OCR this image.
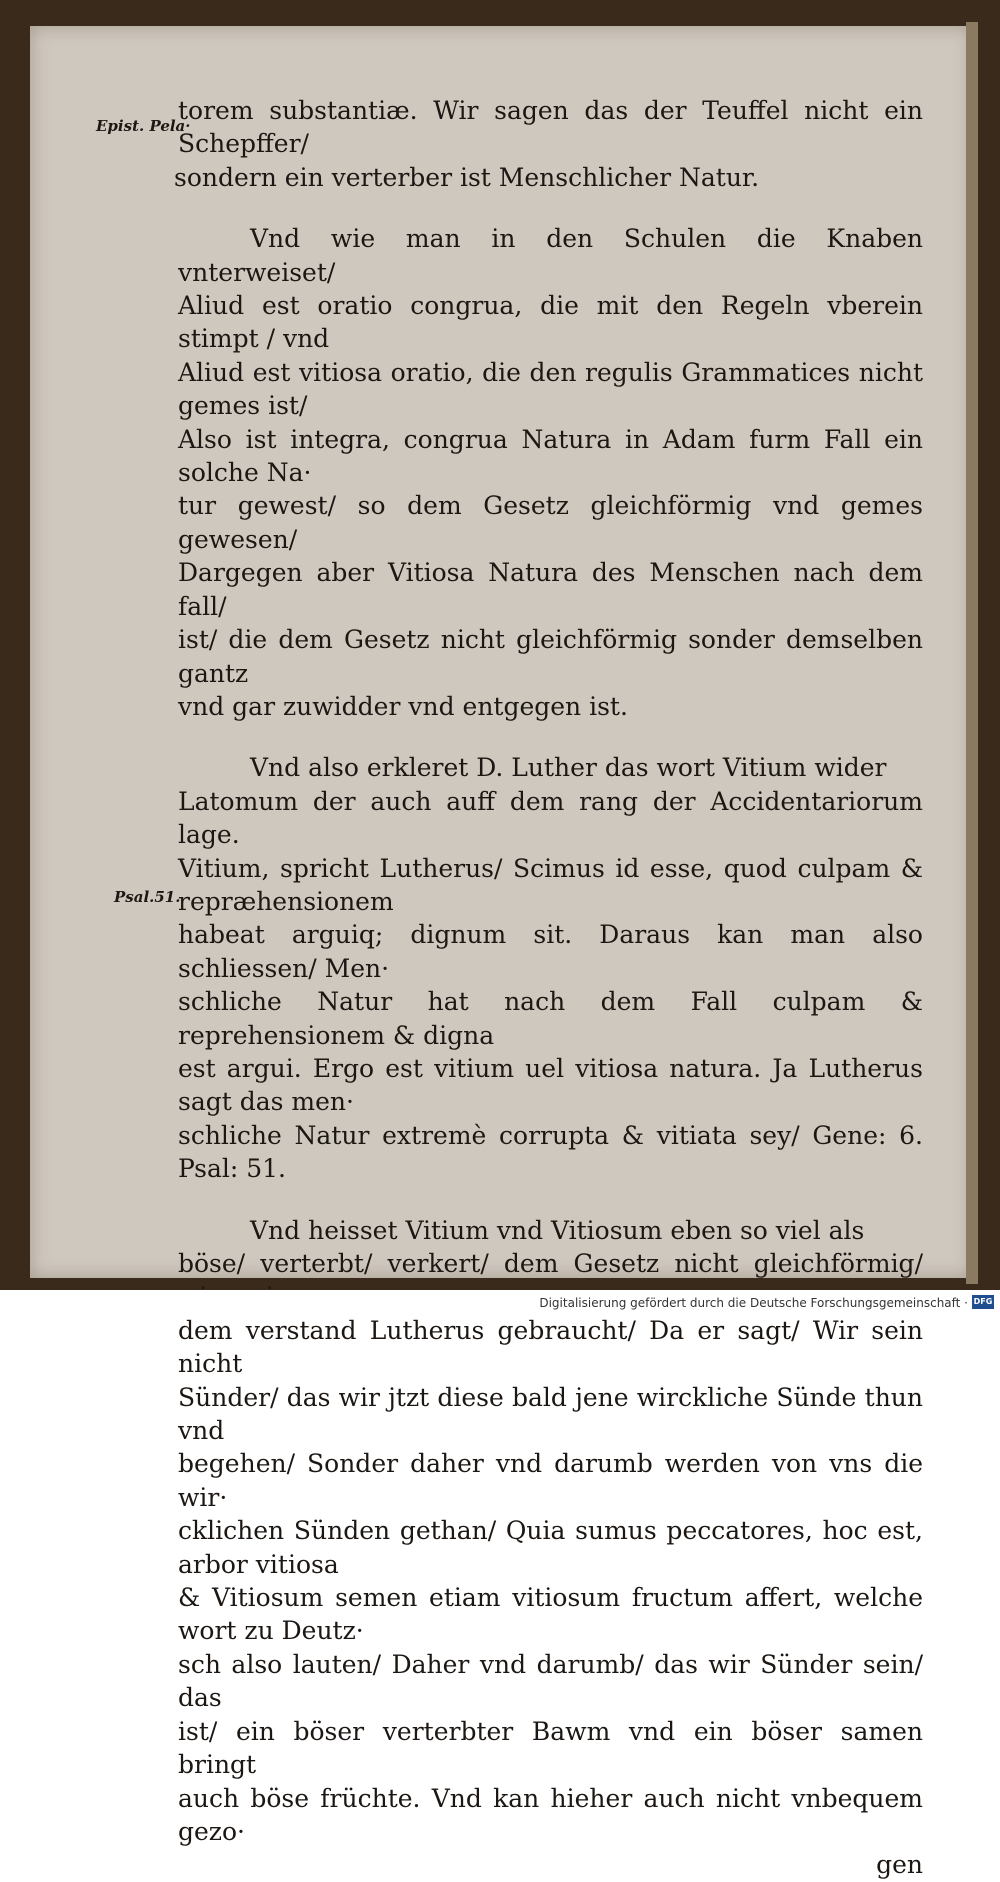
Epist. Pela·
Psal.51.

torem substantiæ. Wir sagen das der Teuffel nicht ein Schepffer/

sondern ein verterber ist Menschlicher Natur.

Vnd wie man in den Schulen die Knaben vnterweiset/

Aliud est oratio congrua, die mit den Regeln vberein stimpt / vnd

Aliud est vitiosa oratio, die den regulis Grammatices nicht gemes ist/

Also ist integra, congrua Natura in Adam furm Fall ein solche Na·

tur gewest/ so dem Gesetz gleichförmig vnd gemes gewesen/

Dargegen aber Vitiosa Natura des Menschen nach dem fall/

ist/ die dem Gesetz nicht gleichförmig sonder demselben gantz

vnd gar zuwidder vnd entgegen ist.

Vnd also erkleret D. Luther das wort Vitium wider

Latomum der auch auff dem rang der Accidentariorum lage.

Vitium, spricht Lutherus/ Scimus id esse, quod culpam & repræhensionem

habeat arguiq; dignum sit. Daraus kan man also schliessen/ Men·

schliche Natur hat nach dem Fall culpam & reprehensionem & digna

est argui. Ergo est vitium uel vitiosa natura. Ja Lutherus sagt das men·

schliche Natur extremè corrupta & vitiata sey/ Gene: 6. Psal: 51.

Vnd heisset Vitium vnd Vitiosum eben so viel als

böse/ verterbt/ verkert/ dem Gesetz nicht gleichförmig/

dem verstand Lutherus gebraucht/ Da er sagt/ Wir sein nicht

Sünder/ das wir jtzt diese bald jene wirckliche Sünde thun vnd

begehen/ Sonder daher vnd darumb werden von vns die wir·

cklichen Sünden gethan/ Quia sumus peccatores, hoc est, arbor vitiosa

& Vitiosum semen etiam vitiosum fructum affert, welche wort zu Deutz·

sch also lauten/ Daher vnd darumb/ das wir Sünder sein/ das

ist/ ein böser verterbter Bawm vnd ein böser samen bringt

auch böse früchte. Vnd kan hieher auch nicht vnbequem gezo·

gen

Digitalisierung gefördert durch die Deutsche Forschungsgemeinschaft · DFG
